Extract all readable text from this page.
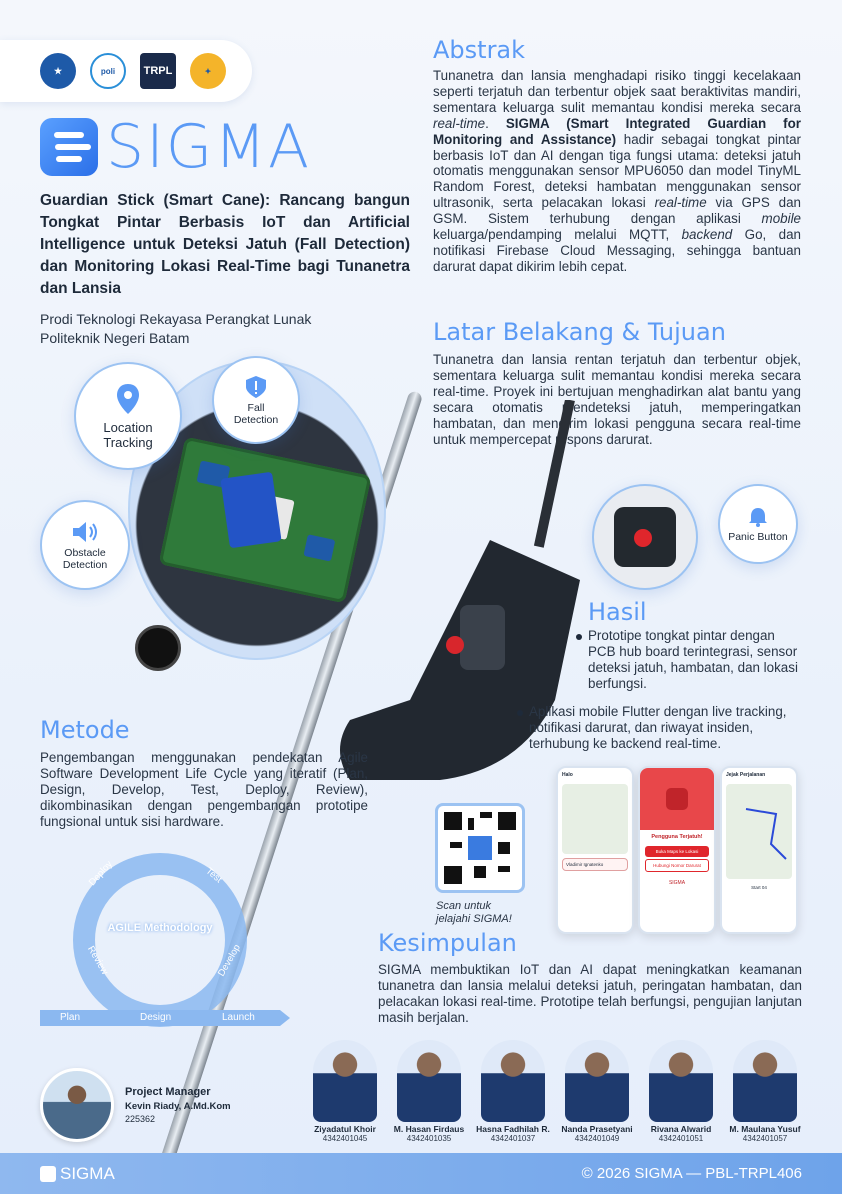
★	poli	TRPL	✦
SIGMA
Guardian Stick (Smart Cane): Rancang bangun Tongkat Pintar Berbasis IoT dan Artificial Intelligence untuk Deteksi Jatuh (Fall Detection) dan Monitoring Lokasi Real-Time bagi Tunanetra dan Lansia
Prodi Teknologi Rekayasa Perangkat Lunak
Politeknik Negeri Batam
Abstrak
Tunanetra dan lansia menghadapi risiko tinggi kecelakaan seperti terjatuh dan terbentur objek saat beraktivitas mandiri, sementara keluarga sulit memantau kondisi mereka secara real-time. SIGMA (Smart Integrated Guardian for Monitoring and Assistance) hadir sebagai tongkat pintar berbasis IoT dan AI dengan tiga fungsi utama: deteksi jatuh otomatis menggunakan sensor MPU6050 dan model TinyML Random Forest, deteksi hambatan menggunakan sensor ultrasonik, serta pelacakan lokasi real-time via GPS dan GSM. Sistem terhubung dengan aplikasi mobile keluarga/pendamping melalui MQTT, backend Go, dan notifikasi Firebase Cloud Messaging, sehingga bantuan darurat dapat dikirim lebih cepat.
Latar Belakang & Tujuan
Tunanetra dan lansia rentan terjatuh dan terbentur objek, sementara keluarga sulit memantau kondisi mereka secara real-time. Proyek ini bertujuan menghadirkan alat bantu yang secara otomatis mendeteksi jatuh, memperingatkan hambatan, dan mengirim lokasi pengguna secara real-time untuk mempercepat respons darurat.
Location Tracking
Fall Detection
Obstacle Detection
Panic Button
Hasil
Prototipe tongkat pintar dengan PCB hub board terintegrasi, sensor deteksi jatuh, hambatan, dan lokasi berfungsi.
Aplikasi mobile Flutter dengan live tracking, notifikasi darurat, dan riwayat insiden, terhubung ke backend real-time.
Metode
Pengembangan menggunakan pendekatan Agile Software Development Life Cycle yang iteratif (Plan, Design, Develop, Test, Deploy, Review), dikombinasikan dengan pengembangan prototipe fungsional untuk sisi hardware.
AGILE Methodology
Deploy	Test
Develop
Review
Plan	Design	Launch
Scan untuk jelajahi SIGMA!
Halo
Vladimir Ignatenko
Pengguna Terjatuh!
Buka Maps ke Lokasi
Hubungi Nomor Darurat
SIGMA
Jejak Perjalanan
Start 04
Kesimpulan
SIGMA membuktikan IoT dan AI dapat meningkatkan keamanan tunanetra dan lansia melalui deteksi jatuh, peringatan hambatan, dan pelacakan lokasi real-time. Prototipe telah berfungsi, pengujian lanjutan masih berjalan.
Project Manager
Kevin Riady, A.Md.Kom
225362
Ziyadatul Khoir
4342401045
M. Hasan Firdaus
4342401035
Hasna Fadhilah R.
4342401037
Nanda Prasetyani
4342401049
Rivana Alwarid
4342401051
M. Maulana Yusuf
4342401057
SIGMA	© 2026 SIGMA — PBL-TRPL406
